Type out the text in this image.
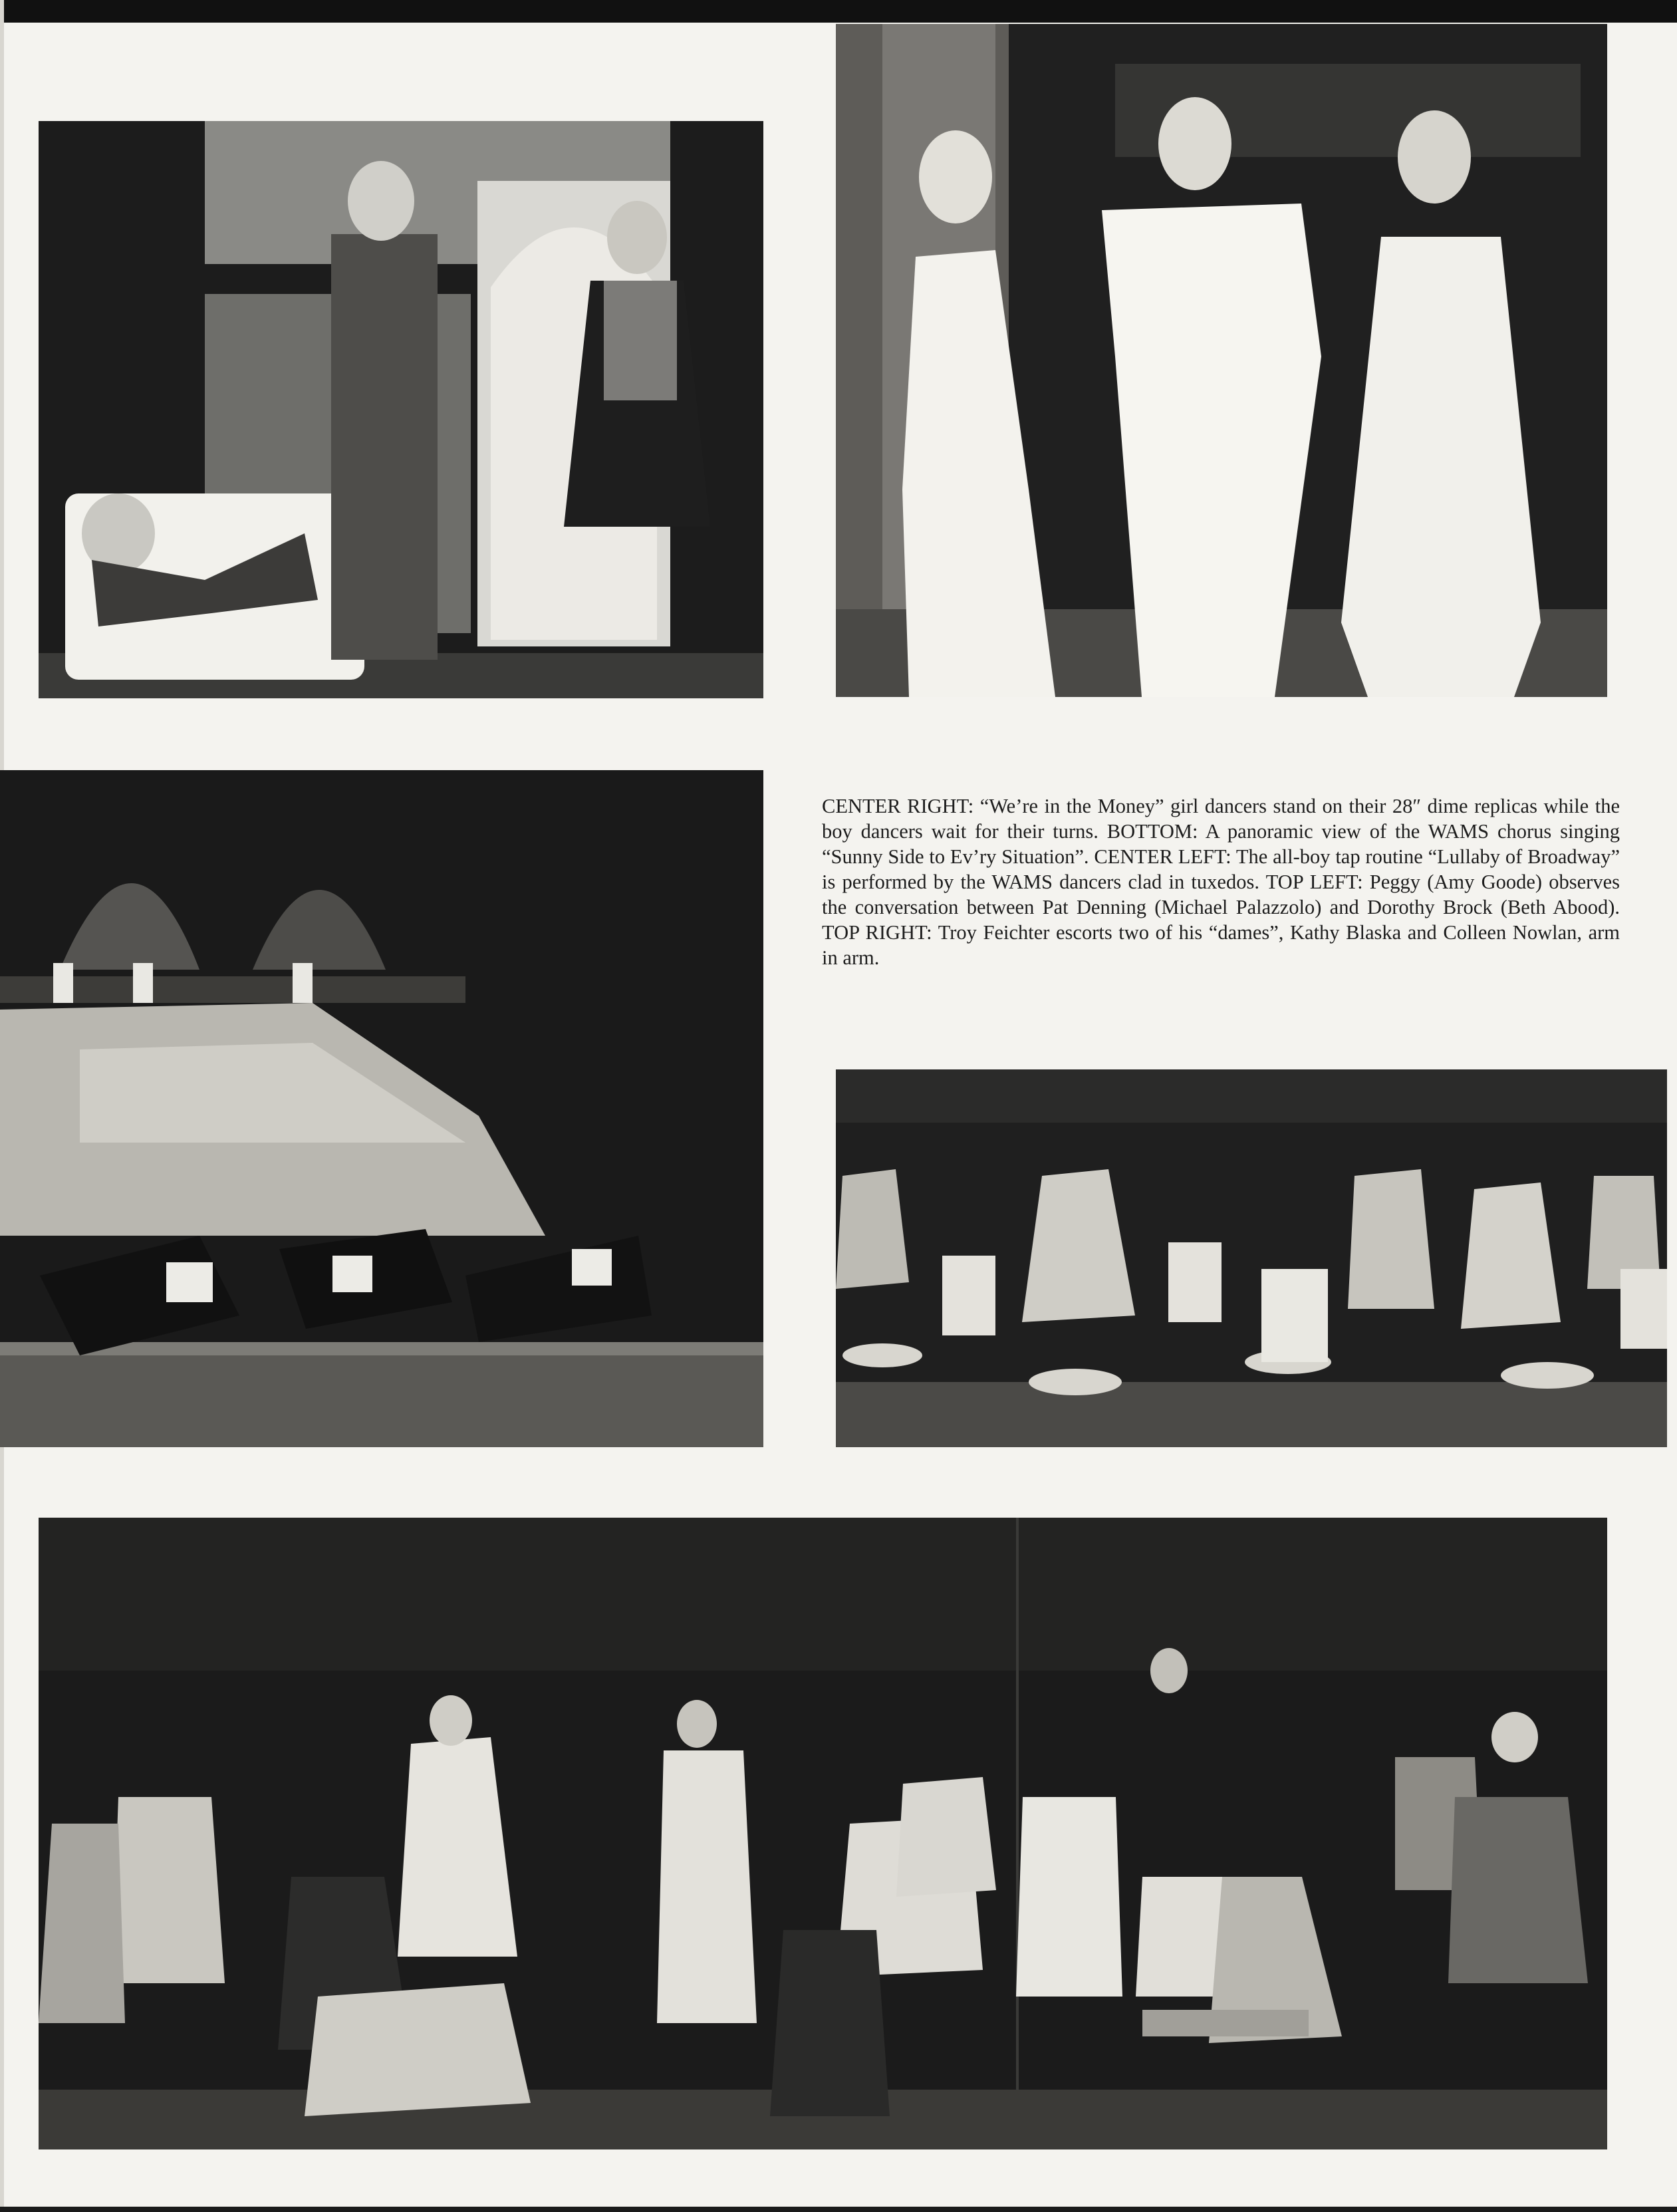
CENTER RIGHT: “We’re in the Money” girl dancers stand on their 28″ dime replicas while the boy dancers wait for their turns. BOTTOM: A panoramic view of the WAMS chorus singing “Sunny Side to Ev’ry Situation”. CENTER LEFT: The all-boy tap routine “Lullaby of Broadway” is performed by the WAMS dancers clad in tuxedos. TOP LEFT: Peggy (Amy Goode) observes the conversation between Pat Denning (Michael Palazzolo) and Dorothy Brock (Beth Abood). TOP RIGHT: Troy Feichter escorts two of his “dames”, Kathy Blaska and Colleen Nowlan, arm in arm.
